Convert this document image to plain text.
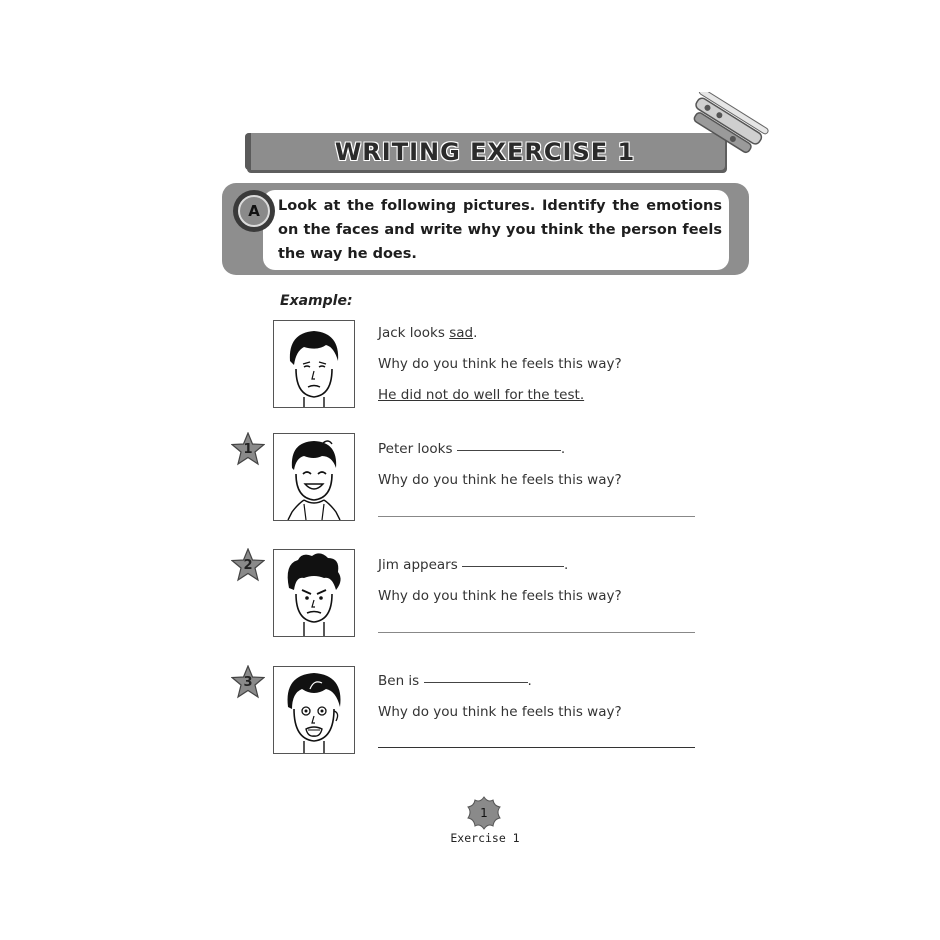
WRITING EXERCISE 1
A	Look at the following pictures. Identify the emotions on the faces and write why you think the person feels the way he does.
Example:
Jack looks sad.
Why do you think he feels this way?
He did not do well for the test.
1	Peter looks	.
Why do you think he feels this way?
2	Jim appears	.
Why do you think he feels this way?
3	Ben is	.
Why do you think he feels this way?
1
Exercise 1
